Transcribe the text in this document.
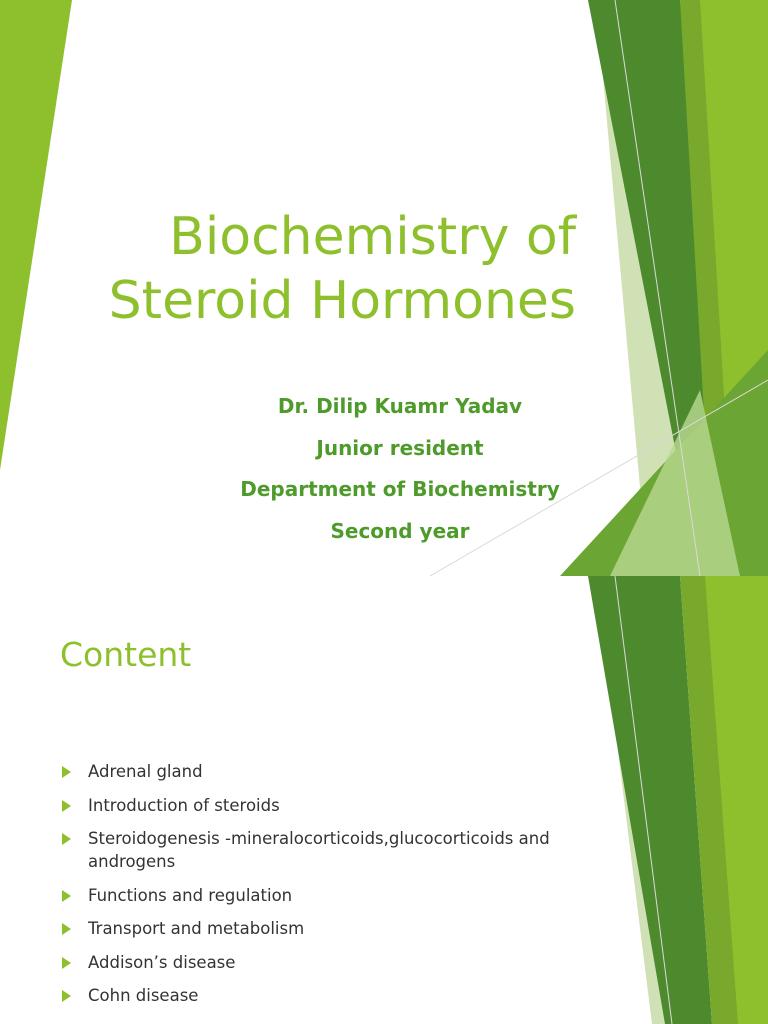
Biochemistry of
Steroid Hormones
Dr. Dilip Kuamr Yadav
Junior resident
Department of Biochemistry
Second year
Content
Adrenal gland
Introduction of steroids
Steroidogenesis -mineralocorticoids,glucocorticoids and androgens
Functions and regulation
Transport and metabolism
Addison’s disease
Cohn disease
